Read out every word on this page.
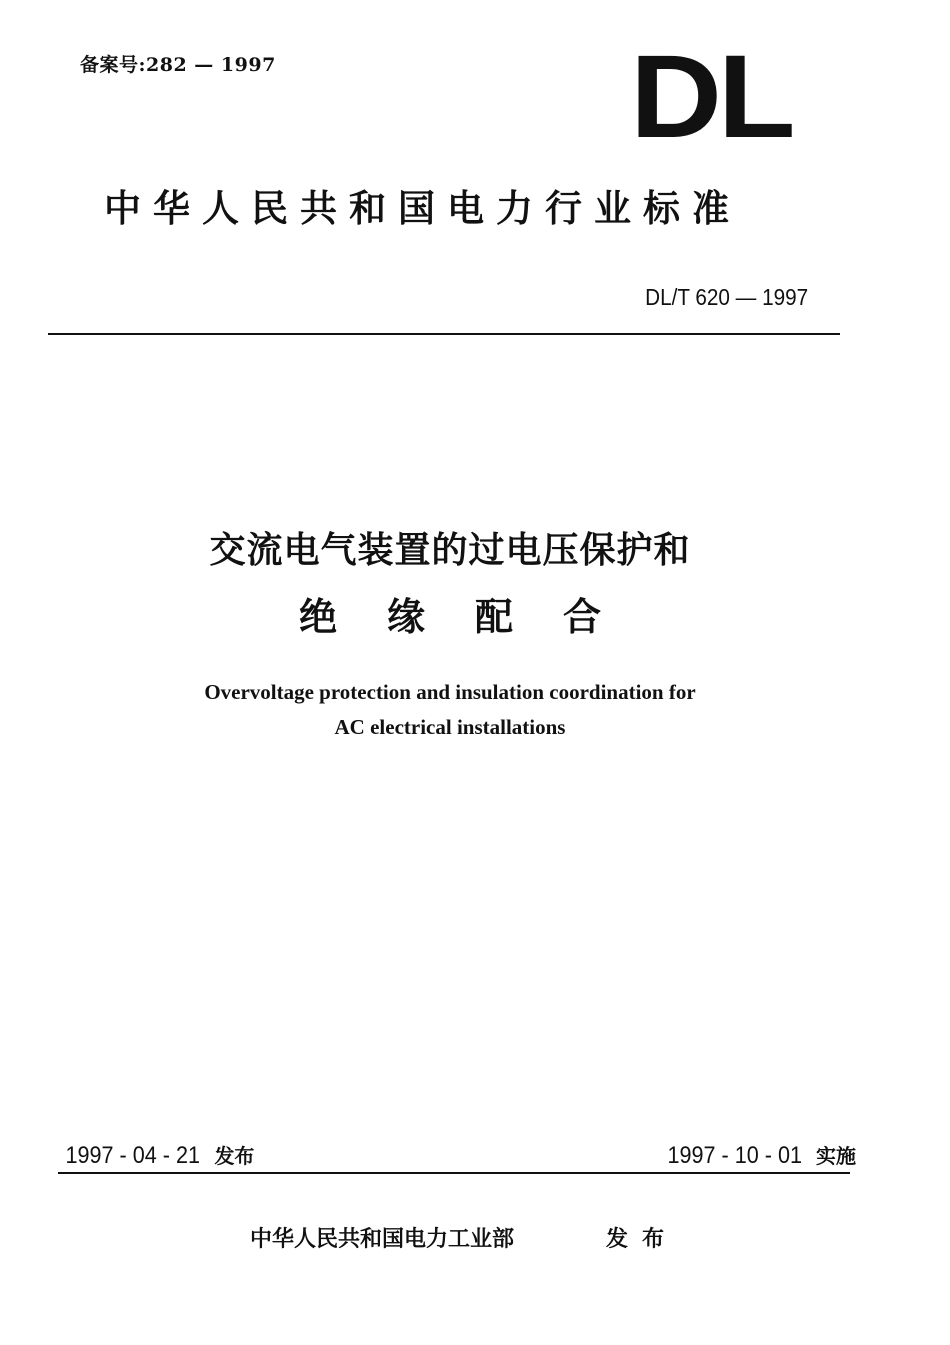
备案号:282 — 1997	DL
中华人民共和国电力行业标准
DL/T 620 — 1997
交流电气装置的过电压保护和
绝缘配合
Overvoltage protection and insulation coordination for
AC electrical installations
1997 - 04 - 21 发布	1997 - 10 - 01 实施
中华人民共和国电力工业部	发布
